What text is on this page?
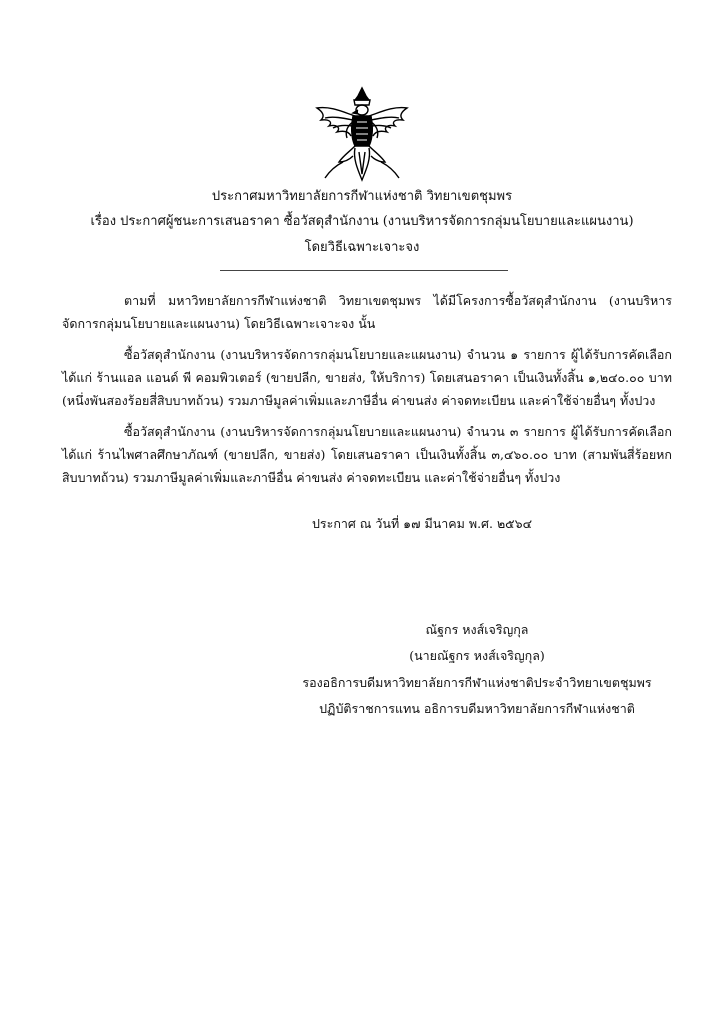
ประกาศมหาวิทยาลัยการกีฬาแห่งชาติ วิทยาเขตชุมพร
เรื่อง ประกาศผู้ชนะการเสนอราคา ซื้อวัสดุสำนักงาน (งานบริหารจัดการกลุ่มนโยบายและแผนงาน)
โดยวิธีเฉพาะเจาะจง
ตามที่ มหาวิทยาลัยการกีฬาแห่งชาติ วิทยาเขตชุมพร ได้มีโครงการซื้อวัสดุสำนักงาน (งานบริหารจัดการกลุ่มนโยบายและแผนงาน) โดยวิธีเฉพาะเจาะจง นั้น
ซื้อวัสดุสำนักงาน (งานบริหารจัดการกลุ่มนโยบายและแผนงาน) จำนวน ๑ รายการ ผู้ได้รับการคัดเลือก ได้แก่ ร้านแอล แอนด์ พี คอมพิวเตอร์ (ขายปลีก, ขายส่ง, ให้บริการ) โดยเสนอราคา เป็นเงินทั้งสิ้น ๑,๒๔๐.๐๐ บาท (หนึ่งพันสองร้อยสี่สิบบาทถ้วน) รวมภาษีมูลค่าเพิ่มและภาษีอื่น ค่าขนส่ง ค่าจดทะเบียน และค่าใช้จ่ายอื่นๆ ทั้งปวง
ซื้อวัสดุสำนักงาน (งานบริหารจัดการกลุ่มนโยบายและแผนงาน) จำนวน ๓ รายการ ผู้ได้รับการคัดเลือก ได้แก่ ร้านไพศาลศึกษาภัณฑ์ (ขายปลีก, ขายส่ง) โดยเสนอราคา เป็นเงินทั้งสิ้น ๓,๔๖๐.๐๐ บาท (สามพันสี่ร้อยหกสิบบาทถ้วน) รวมภาษีมูลค่าเพิ่มและภาษีอื่น ค่าขนส่ง ค่าจดทะเบียน และค่าใช้จ่ายอื่นๆ ทั้งปวง
ประกาศ ณ วันที่ ๑๗ มีนาคม พ.ศ. ๒๕๖๔
ณัฐกร หงส์เจริญกุล
(นายณัฐกร หงส์เจริญกุล)
รองอธิการบดีมหาวิทยาลัยการกีฬาแห่งชาติประจำวิทยาเขตชุมพร
ปฏิบัติราชการแทน อธิการบดีมหาวิทยาลัยการกีฬาแห่งชาติ
